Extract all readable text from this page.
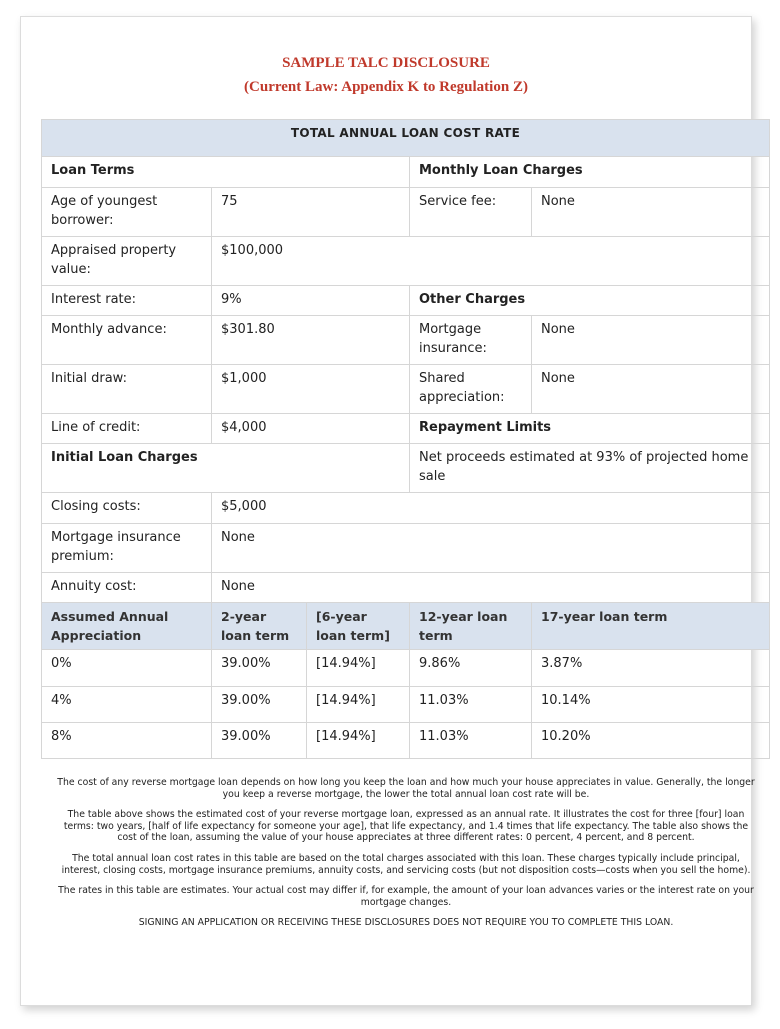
SAMPLE TALC DISCLOSURE
(Current Law: Appendix K to Regulation Z)
TOTAL ANNUAL LOAN COST RATE				
Loan Terms			Monthly Loan Charges	
Age of youngest borrower:	75		Service fee:	None
Appraised property value:	$100,000			
Interest rate:	9%		Other Charges	
Monthly advance:	$301.80		Mortgage insurance:	None
Initial draw:	$1,000		Shared appreciation:	None
Line of credit:	$4,000		Repayment Limits	
Initial Loan Charges			Net proceeds estimated at 93% of projected home sale	
Closing costs:	$5,000			
Mortgage insurance premium:	None			
Annuity cost:	None			
Assumed Annual Appreciation	2-year loan term	[6-year loan term]	12-year loan term	17-year loan term
0%	39.00%	[14.94%]	9.86%	3.87%
4%	39.00%	[14.94%]	11.03%	10.14%
8%	39.00%	[14.94%]	11.03%	10.20%

The cost of any reverse mortgage loan depends on how long you keep the loan and how much your house appreciates in value. Generally, the longer you keep a reverse mortgage, the lower the total annual loan cost rate will be.

The table above shows the estimated cost of your reverse mortgage loan, expressed as an annual rate. It illustrates the cost for three [four] loan terms: two years, [half of life expectancy for someone your age], that life expectancy, and 1.4 times that life expectancy. The table also shows the cost of the loan, assuming the value of your house appreciates at three different rates: 0 percent, 4 percent, and 8 percent.

The total annual loan cost rates in this table are based on the total charges associated with this loan. These charges typically include principal, interest, closing costs, mortgage insurance premiums, annuity costs, and servicing costs (but not disposition costs—costs when you sell the home).

The rates in this table are estimates. Your actual cost may differ if, for example, the amount of your loan advances varies or the interest rate on your mortgage changes.

SIGNING AN APPLICATION OR RECEIVING THESE DISCLOSURES DOES NOT REQUIRE YOU TO COMPLETE THIS LOAN.
